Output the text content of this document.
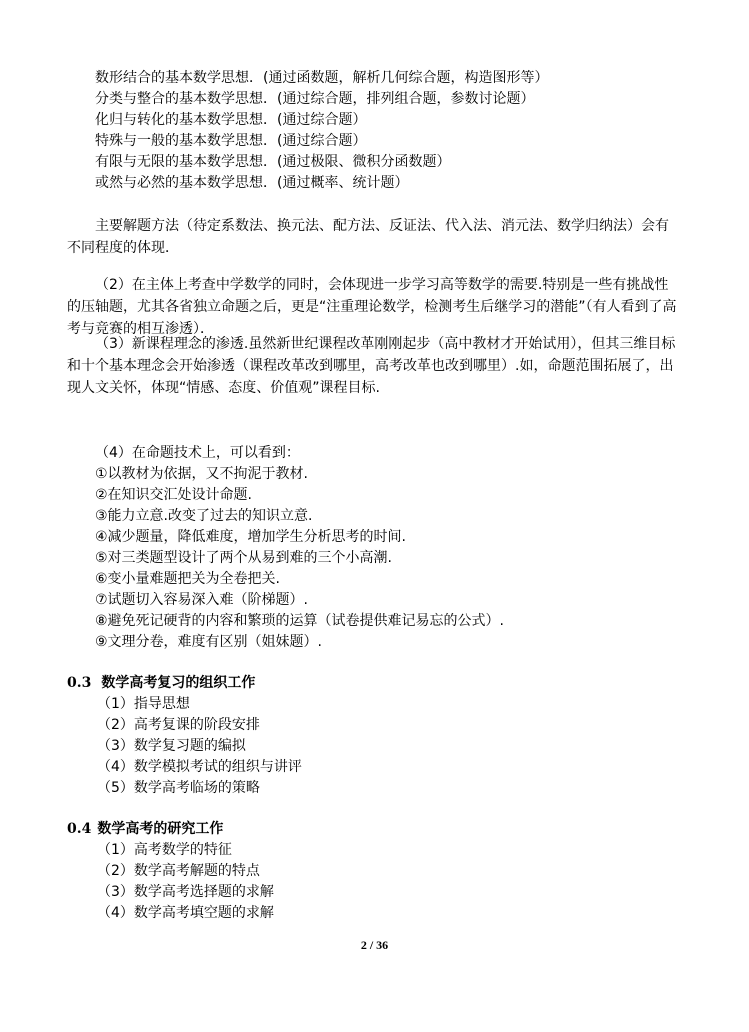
数形结合的基本数学思想．(通过函数题，解析几何综合题，构造图形等）
分类与整合的基本数学思想．(通过综合题，排列组合题，参数讨论题）
化归与转化的基本数学思想．(通过综合题）
特殊与一般的基本数学思想．(通过综合题）
有限与无限的基本数学思想．(通过极限、微积分函数题）
或然与必然的基本数学思想．(通过概率、统计题）
主要解题方法（待定系数法、换元法、配方法、反证法、代入法、消元法、数学归纳法）会有不同程度的体现．
（2）在主体上考查中学数学的同时，会体现进一步学习高等数学的需要.特别是一些有挑战性的压轴题，尤其各省独立命题之后，更是“注重理论数学，检测考生后继学习的潜能”（有人看到了高考与竞赛的相互渗透）．
（3）新课程理念的渗透.虽然新世纪课程改革刚刚起步（高中教材才开始试用），但其三维目标和十个基本理念会开始渗透（课程改革改到哪里，高考改革也改到哪里）.如，命题范围拓展了，出现人文关怀，体现“情感、态度、价值观”课程目标.
（4）在命题技术上，可以看到：
①以教材为依据，又不拘泥于教材.
②在知识交汇处设计命题.
③能力立意.改变了过去的知识立意.
④减少题量，降低难度，增加学生分析思考的时间.
⑤对三类题型设计了两个从易到难的三个小高潮.
⑥变小量难题把关为全卷把关.
⑦试题切入容易深入难（阶梯题）.
⑧避免死记硬背的内容和繁琐的运算（试卷提供难记易忘的公式）.
⑨文理分卷，难度有区别（姐妹题）.
0.3 数学高考复习的组织工作
（1）指导思想
（2）高考复课的阶段安排
（3）数学复习题的编拟
（4）数学模拟考试的组织与讲评
（5）数学高考临场的策略
0.4 数学高考的研究工作
（1）高考数学的特征
（2）数学高考解题的特点
（3）数学高考选择题的求解
（4）数学高考填空题的求解
2 / 36
